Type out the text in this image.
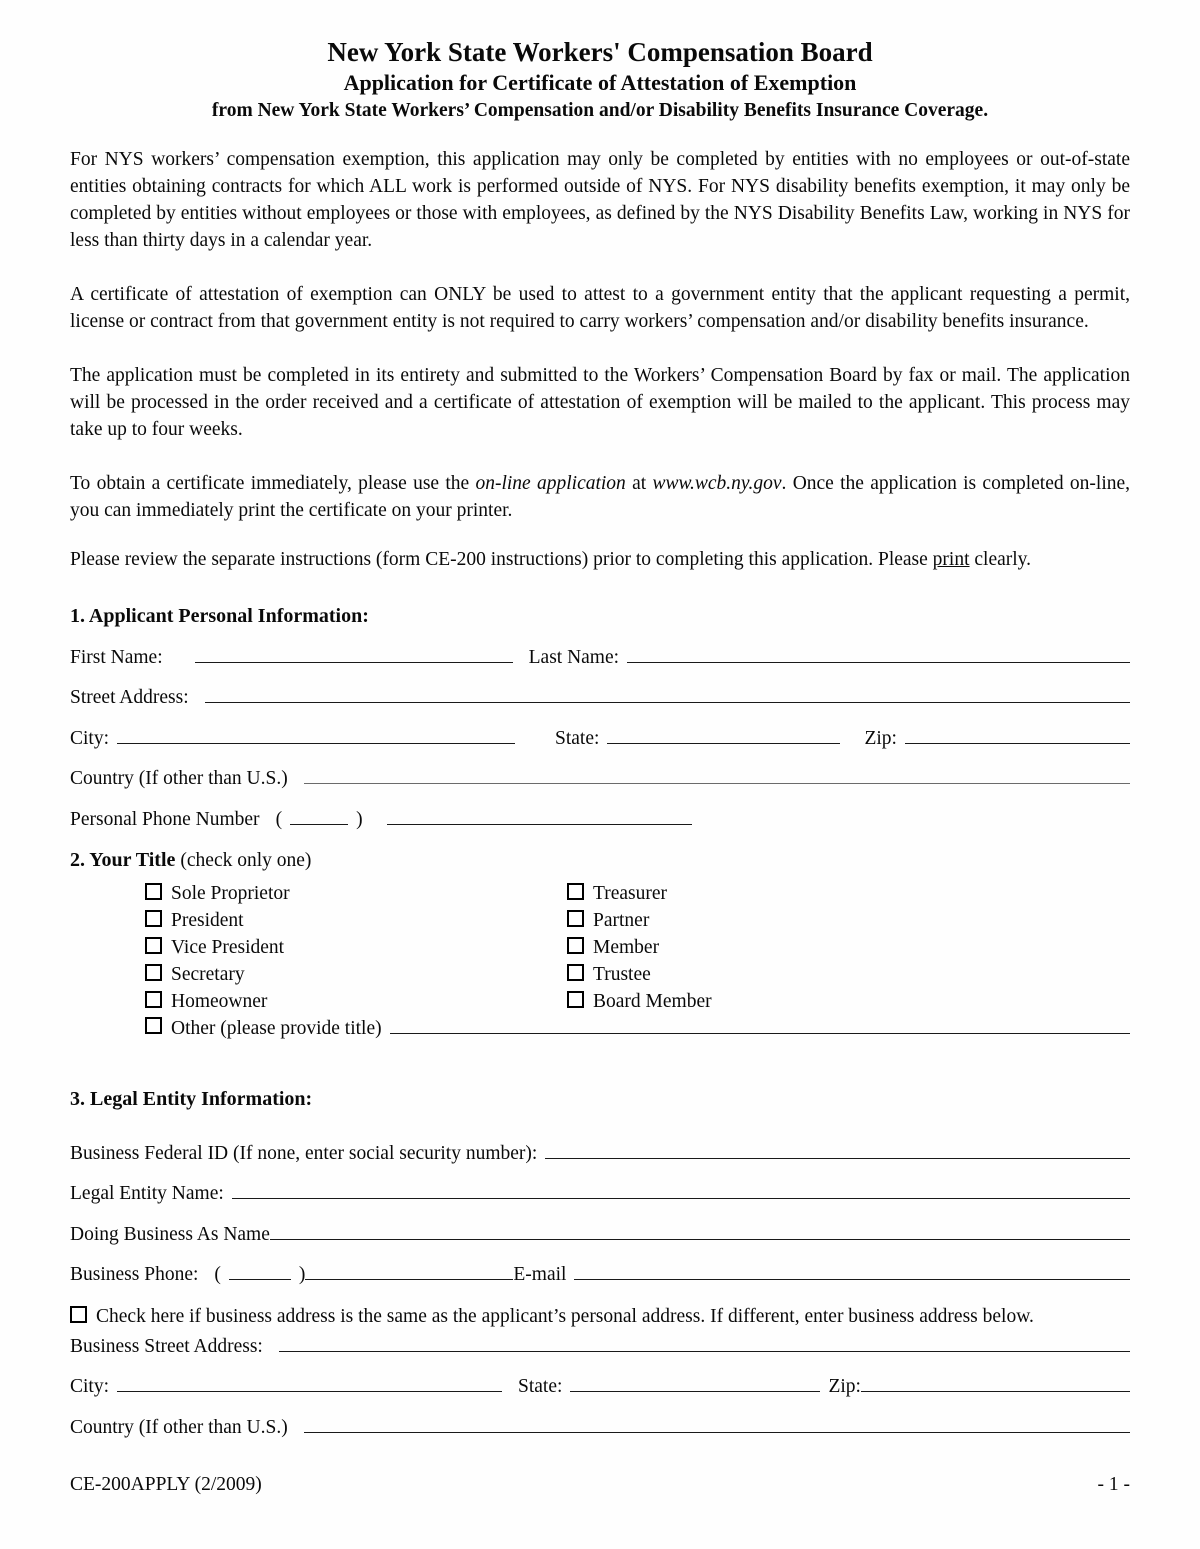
New York State Workers' Compensation Board
Application for Certificate of Attestation of Exemption
from New York State Workers’ Compensation and/or Disability Benefits Insurance Coverage.

For NYS workers’ compensation exemption, this application may only be completed by entities with no employees or out-of-state entities obtaining contracts for which ALL work is performed outside of NYS. For NYS disability benefits exemption, it may only be completed by entities without employees or those with employees, as defined by the NYS Disability Benefits Law, working in NYS for less than thirty days in a calendar year.

A certificate of attestation of exemption can ONLY be used to attest to a government entity that the applicant requesting a permit, license or contract from that government entity is not required to carry workers’ compensation and/or disability benefits insurance.

The application must be completed in its entirety and submitted to the Workers’ Compensation Board by fax or mail. The application will be processed in the order received and a certificate of attestation of exemption will be mailed to the applicant. This process may take up to four weeks.

To obtain a certificate immediately, please use the on-line application at www.wcb.ny.gov. Once the application is completed on-line, you can immediately print the certificate on your printer.

Please review the separate instructions (form CE-200 instructions) prior to completing this application. Please print clearly.

1. Applicant Personal Information:

First Name:	Last Name:
Street Address:
City:	State:	Zip:
Country (If other than U.S.)
Personal Phone Number (	)

2. Your Title (check only one)

Sole Proprietor	Treasurer
President	Partner
Vice President	Member
Secretary	Trustee
Homeowner	Board Member
Other (please provide title)

3. Legal Entity Information:

Business Federal ID (If none, enter social security number):
Legal Entity Name:
Doing Business As Name
Business Phone: (	)	E-mail

Check here if business address is the same as the applicant’s personal address. If different, enter business address below.

Business Street Address:
City:	State:	Zip:
Country (If other than U.S.)
CE-200APPLY (2/2009)	- 1 -
